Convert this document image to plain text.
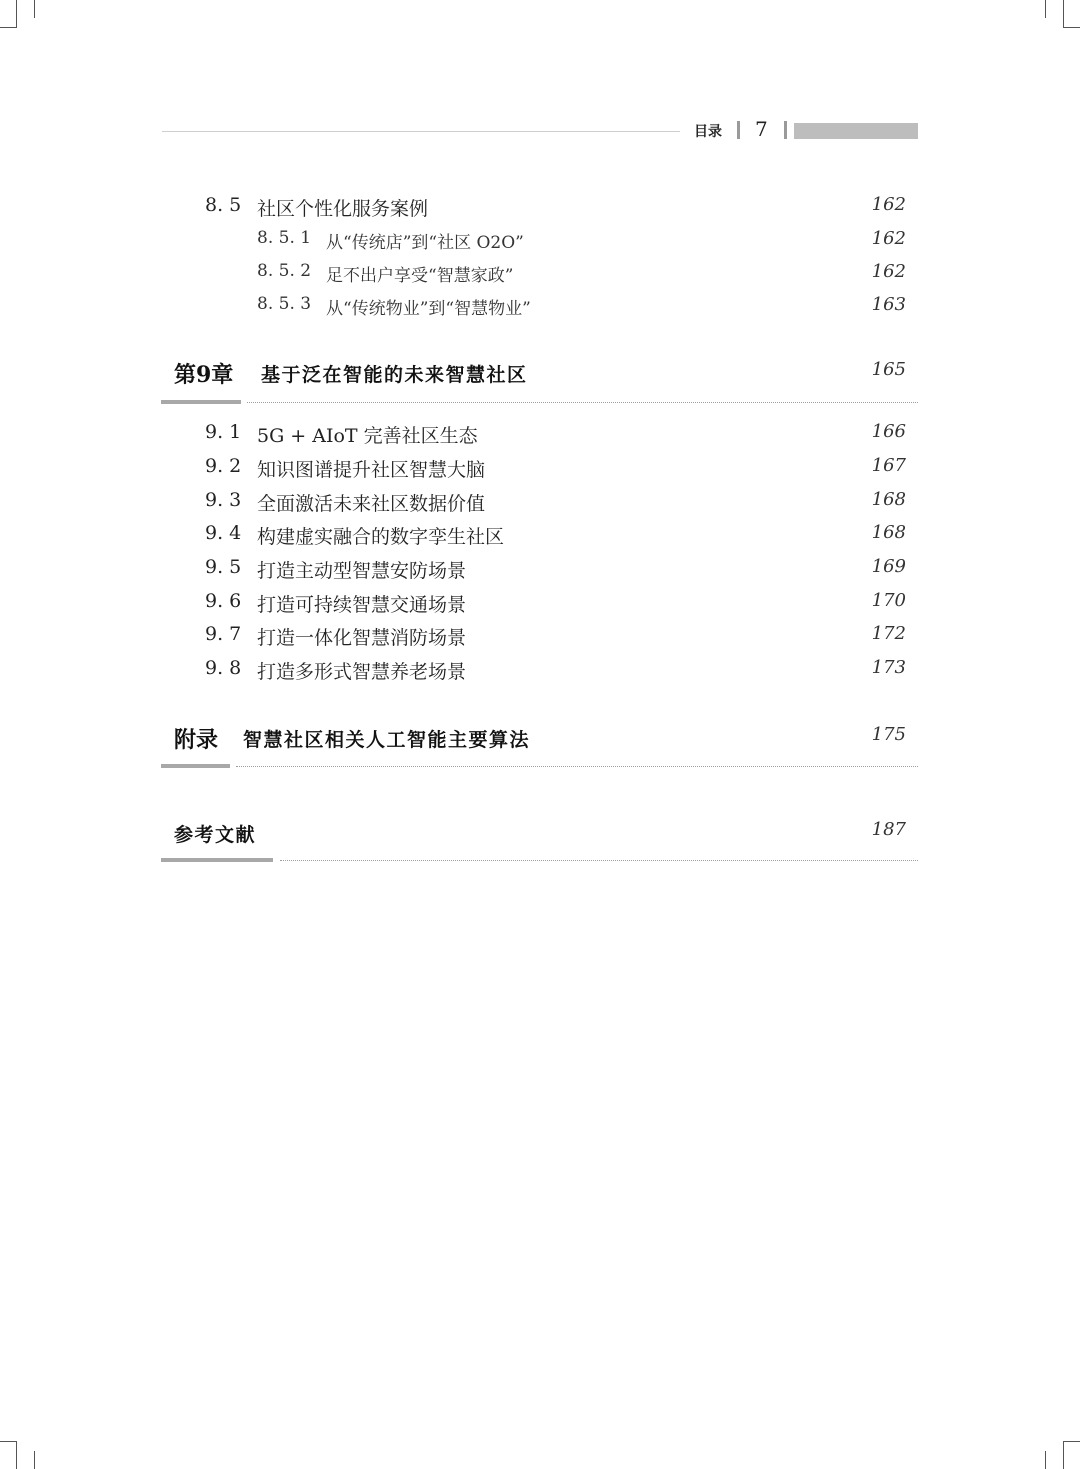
目录 7
8. 5 社区个性化服务案例	162
8. 5. 1 从“传统店”到“社区 O2O”	162
8. 5. 2 足不出户享受“智慧家政”	162
8. 5. 3 从“传统物业”到“智慧物业”	163
第9章 基于泛在智能的未来智慧社区	165
9. 1 5G + AIoT 完善社区生态	166
9. 2 知识图谱提升社区智慧大脑	167
9. 3 全面激活未来社区数据价值	168
9. 4 构建虚实融合的数字孪生社区	168
9. 5 打造主动型智慧安防场景	169
9. 6 打造可持续智慧交通场景	170
9. 7 打造一体化智慧消防场景	172
9. 8 打造多形式智慧养老场景	173
附录 智慧社区相关人工智能主要算法	175
参考文献	187
